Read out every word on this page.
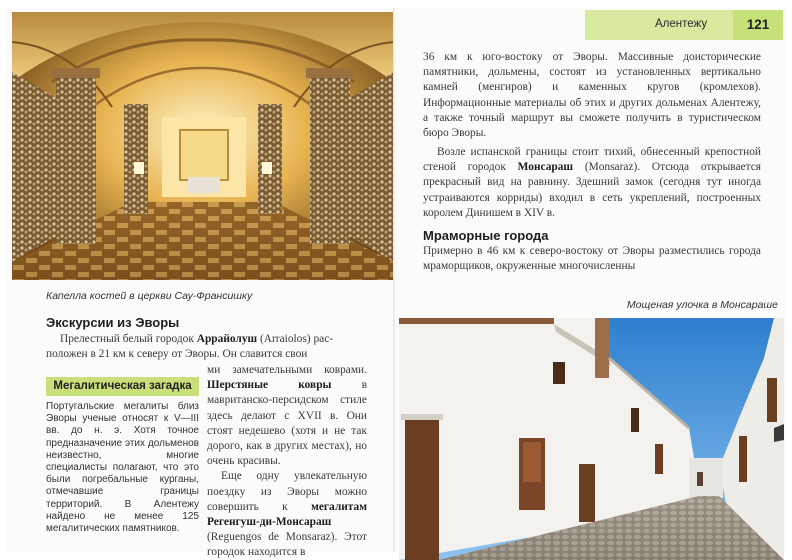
Капелла костей в церкви Сау-Франсишку
Экскурсии из Эворы

Прелестный белый городок Аррайолуш (Arraiolos) расположен в 21 км к северу от Эворы. Он славится свои

Мегалитическая загадка
Португальские мегалиты близ Эворы ученые относят к V—III вв. до н. э. Хотя точное предназначение этих дольменов неизвестно, многие специалисты полагают, что это были погребальные курганы, отмечавшие границы территорий. В Алентежу найдено не менее 125 мегалитических памятников.

ми замечательными коврами. Шерстяные ковры в мавританско-персидском стиле здесь делают с XVII в. Они стоят недешево (хотя и не так дорого, как в других местах), но очень красивы.

Еще одну увлекательную поездку из Эворы можно совершить к мегалитам Регенгуш-ди-Монсараш (Reguengos de Monsaraz). Этот городок находится в

Алентежу	121

36 км к юго-востоку от Эворы. Массивные доисторические памятники, дольмены, состоят из установленных вертикально камней (менгиров) и каменных кругов (кромлехов). Информационные материалы об этих и других дольменах Алентежу, а также точный маршрут вы сможете получить в туристическом бюро Эворы.

Возле испанской границы стоит тихий, обнесенный крепостной стеной городок Монсараш (Monsaraz). Отсюда открывается прекрасный вид на равнину. Здешний замок (сегодня тут иногда устраиваются корриды) входил в сеть укреплений, построенных королем Динишем в XIV в.

Мраморные города

Примерно в 46 км к северо-востоку от Эворы разместились города мраморщиков, окруженные многочисленны

Мощеная улочка в Монсараше
